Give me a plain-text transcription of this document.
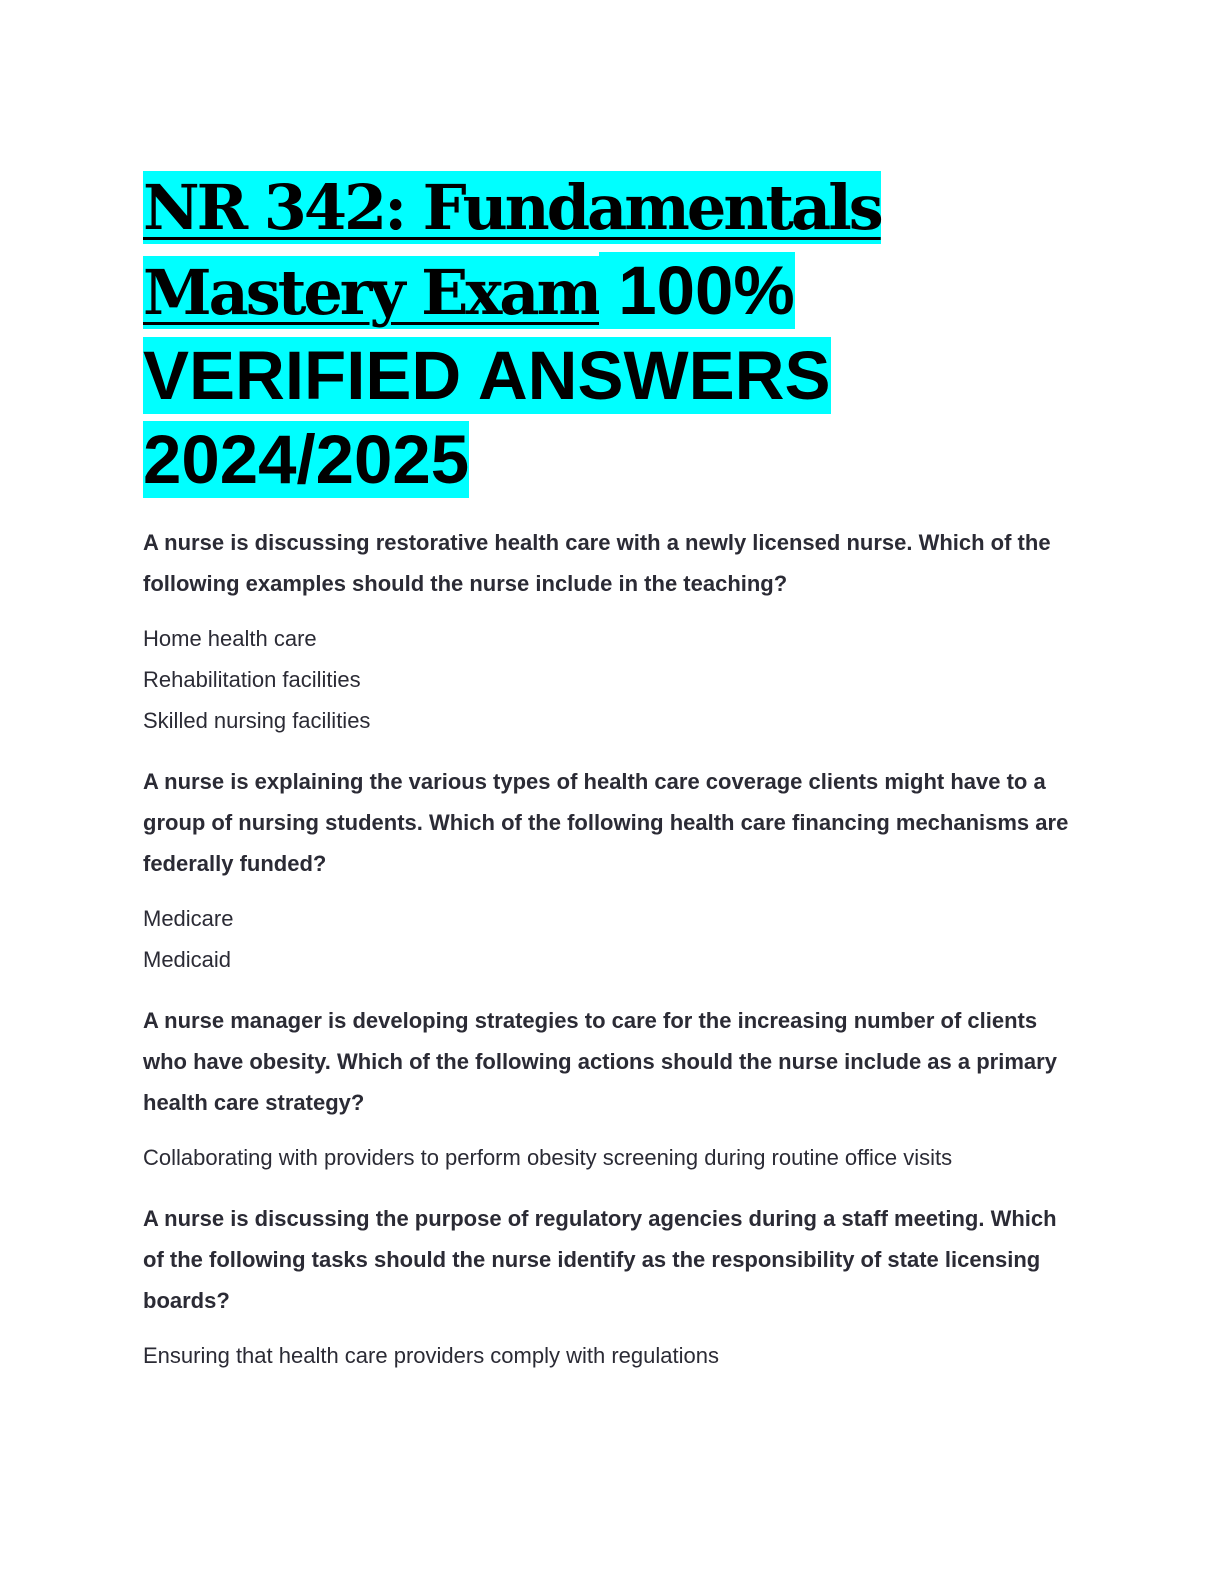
NR 342: Fundamentals
Mastery Exam 100%
VERIFIED ANSWERS
2024/2025

A nurse is discussing restorative health care with a newly licensed nurse. Which of the following examples should the nurse include in the teaching?

Home health care
Rehabilitation facilities
Skilled nursing facilities

A nurse is explaining the various types of health care coverage clients might have to a group of nursing students. Which of the following health care financing mechanisms are federally funded?

Medicare
Medicaid

A nurse manager is developing strategies to care for the increasing number of clients who have obesity. Which of the following actions should the nurse include as a primary health care strategy?

Collaborating with providers to perform obesity screening during routine office visits

A nurse is discussing the purpose of regulatory agencies during a staff meeting. Which of the following tasks should the nurse identify as the responsibility of state licensing boards?

Ensuring that health care providers comply with regulations
